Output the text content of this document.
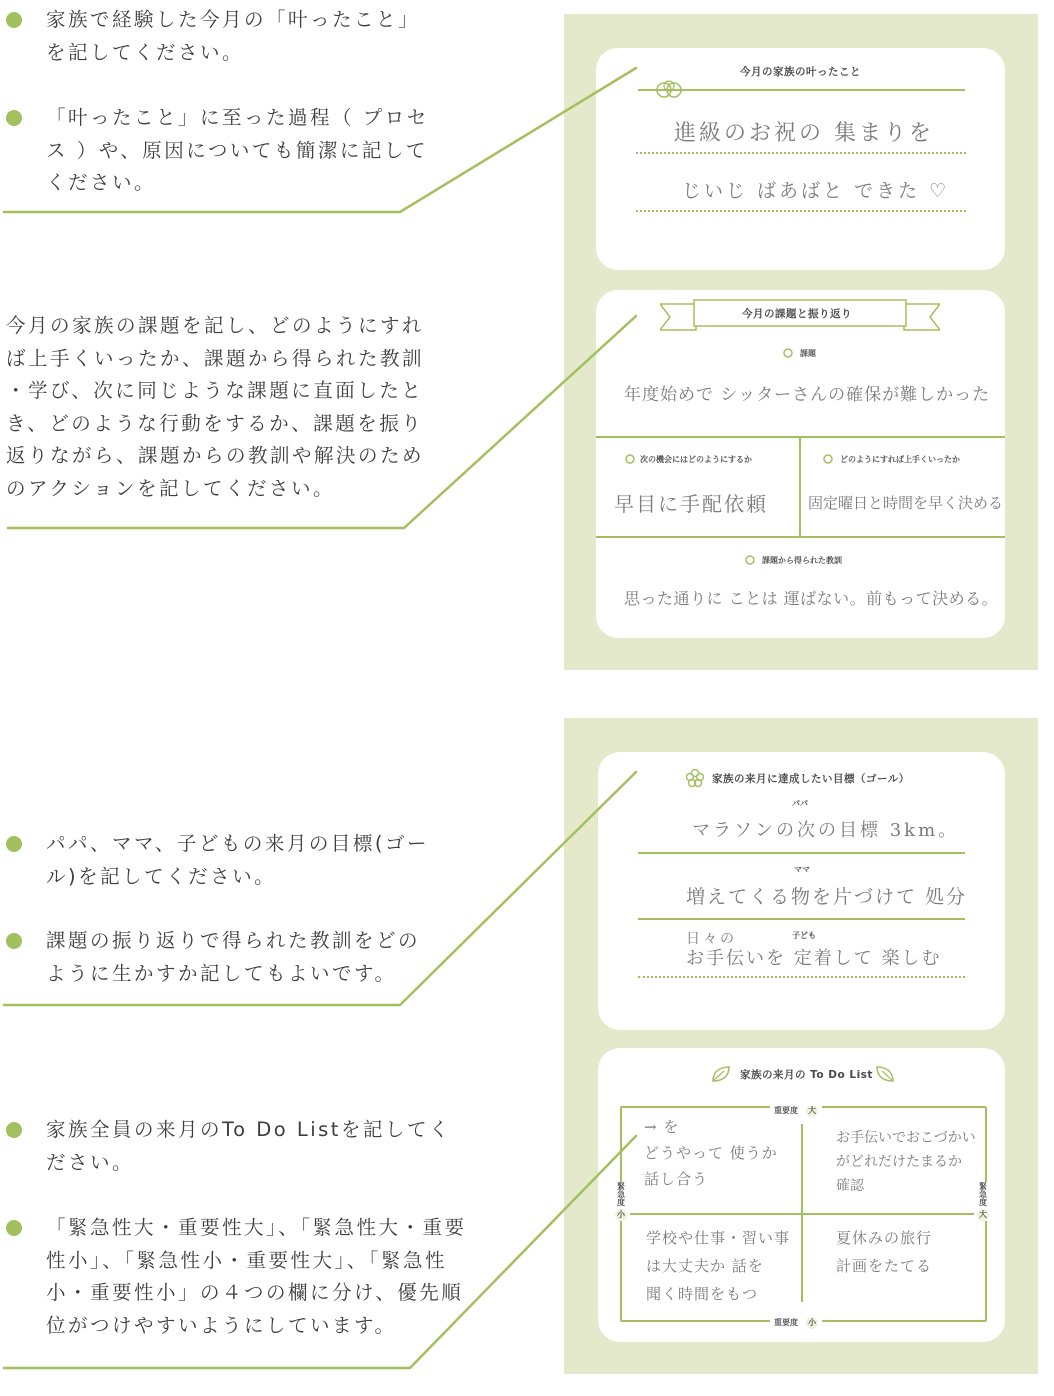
家族で経験した今月の「叶ったこと」
を記してください。
「叶ったこと」に至った過程（ プロセ
ス ）や、原因についても簡潔に記して
ください。
今月の家族の課題を記し、どのようにすれ
ば上手くいったか、課題から得られた教訓
・学び、次に同じような課題に直面したと
き、どのような行動をするか、課題を振り
返りながら、課題からの教訓や解決のため
のアクションを記してください。
パパ、ママ、子どもの来月の目標(ゴー
ル)を記してください。
課題の振り返りで得られた教訓をどの
ように生かすか記してもよいです。
家族全員の来月のTo Do Listを記してく
ださい。
「緊急性大・重要性大」、「緊急性大・重要
性小」、「緊急性小・重要性大」、「緊急性
小・重要性小」の４つの欄に分け、優先順
位がつけやすいようにしています。
今月の家族の叶ったこと
進級のお祝の 集まりを
じいじ ばあばと できた ♡
今月の課題と振り返り
課題
年度始めで シッターさんの確保が難しかった
次の機会にはどのようにするか
早目に手配依頼
どのようにすれば上手くいったか
固定曜日と時間を早く決める
課題から得られた教訓
思った通りに ことは 運ばない。前もって決める。
家族の来月に達成したい目標（ゴール）
パパ
マラソンの次の目標 3km。
ママ
増えてくる物を片づけて 処分
子ども
日々の
お手伝いを 定着して 楽しむ
家族の来月の To Do List
重要度 大
重要度 小
緊急度
小
緊急度
大
→ を
どうやって 使うか
話し合う
お手伝いでおこづかい
がどれだけたまるか
確認
学校や仕事・習い事
は大丈夫か 話を
聞く時間をもつ
夏休みの旅行
計画をたてる
